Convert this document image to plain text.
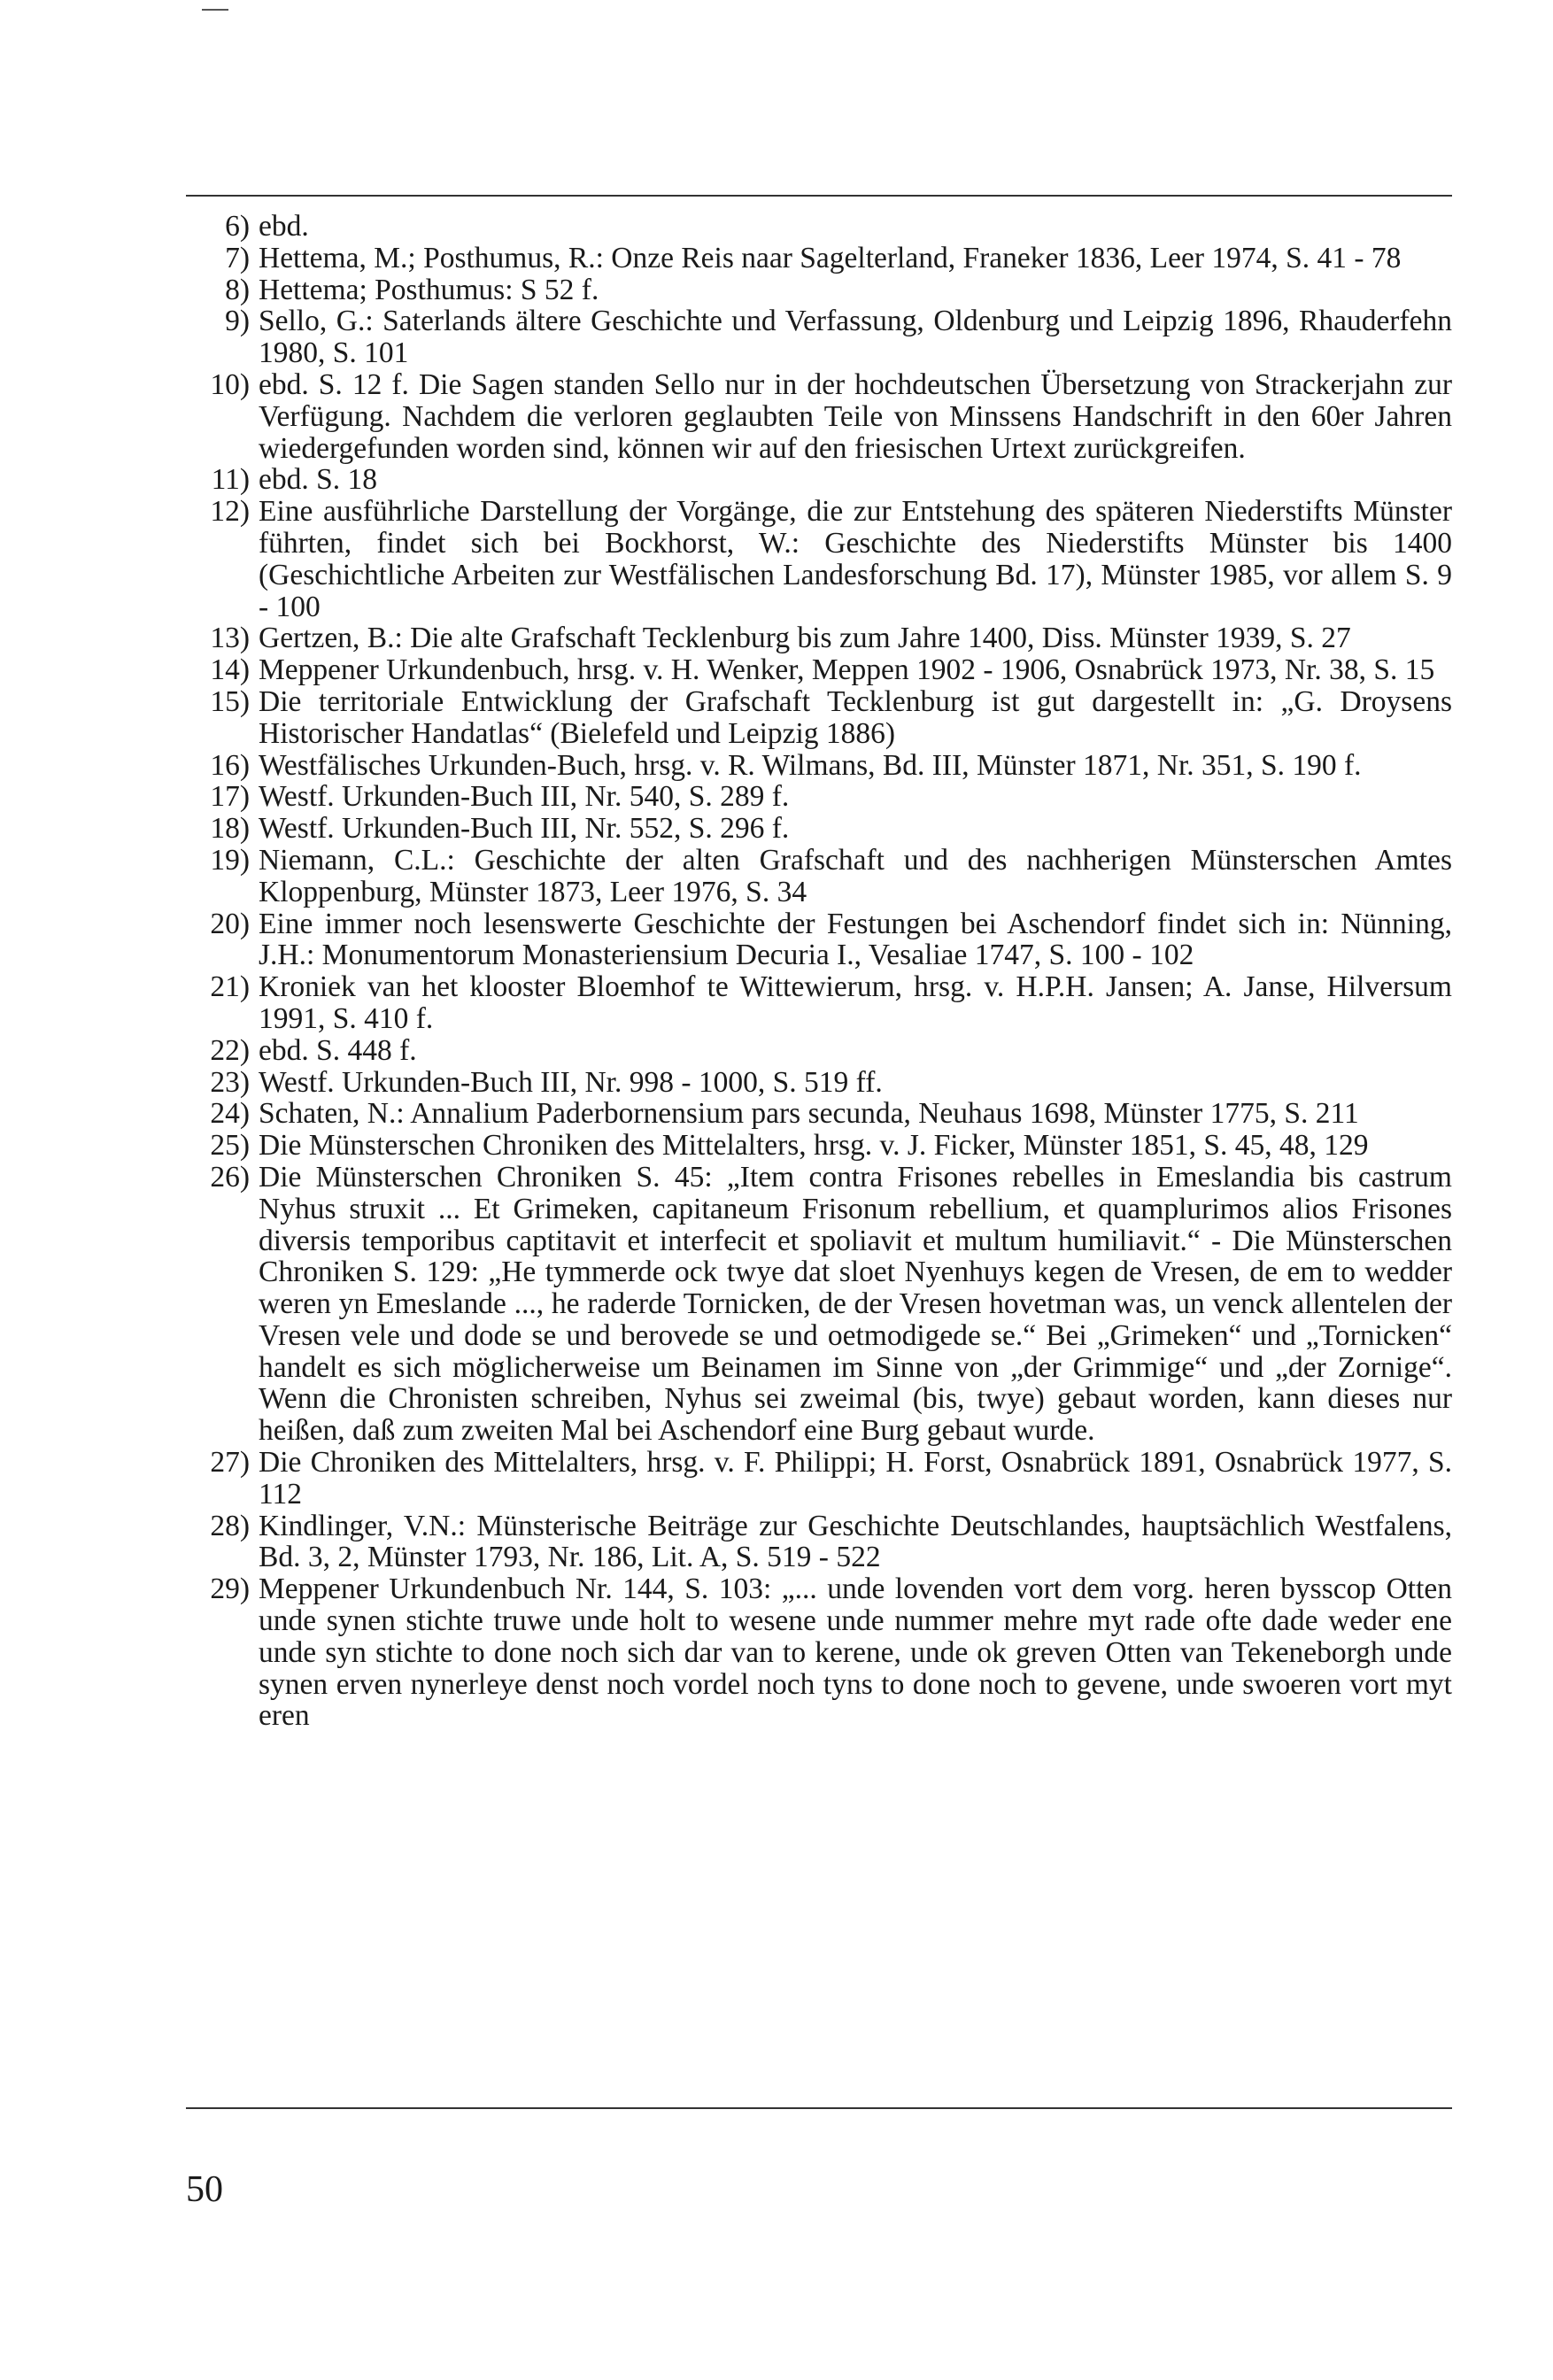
6) ebd.
7) Hettema, M.; Posthumus, R.: Onze Reis naar Sagelterland, Franeker 1836, Leer 1974, S. 41 - 78
8) Hettema; Posthumus: S 52 f.
9) Sello, G.: Saterlands ältere Geschichte und Verfassung, Oldenburg und Leipzig 1896, Rhauderfehn 1980, S. 101
10) ebd. S. 12 f. Die Sagen standen Sello nur in der hochdeutschen Übersetzung von Strackerjahn zur Verfügung. Nachdem die verloren geglaubten Teile von Minssens Handschrift in den 60er Jahren wiedergefunden worden sind, können wir auf den friesischen Urtext zurückgreifen.
11) ebd. S. 18
12) Eine ausführliche Darstellung der Vorgänge, die zur Entstehung des späteren Niederstifts Münster führten, findet sich bei Bockhorst, W.: Geschichte des Niederstifts Münster bis 1400 (Geschichtliche Arbeiten zur Westfälischen Landesforschung Bd. 17), Münster 1985, vor allem S. 9 - 100
13) Gertzen, B.: Die alte Grafschaft Tecklenburg bis zum Jahre 1400, Diss. Münster 1939, S. 27
14) Meppener Urkundenbuch, hrsg. v. H. Wenker, Meppen 1902 - 1906, Osnabrück 1973, Nr. 38, S. 15
15) Die territoriale Entwicklung der Grafschaft Tecklenburg ist gut dargestellt in: „G. Droysens Historischer Handatlas“ (Bielefeld und Leipzig 1886)
16) Westfälisches Urkunden-Buch, hrsg. v. R. Wilmans, Bd. III, Münster 1871, Nr. 351, S. 190 f.
17) Westf. Urkunden-Buch III, Nr. 540, S. 289 f.
18) Westf. Urkunden-Buch III, Nr. 552, S. 296 f.
19) Niemann, C.L.: Geschichte der alten Grafschaft und des nachherigen Münsterschen Amtes Kloppenburg, Münster 1873, Leer 1976, S. 34
20) Eine immer noch lesenswerte Geschichte der Festungen bei Aschendorf findet sich in: Nünning, J.H.: Monumentorum Monasteriensium Decuria I., Vesaliae 1747, S. 100 - 102
21) Kroniek van het klooster Bloemhof te Wittewierum, hrsg. v. H.P.H. Jansen; A. Janse, Hilversum 1991, S. 410 f.
22) ebd. S. 448 f.
23) Westf. Urkunden-Buch III, Nr. 998 - 1000, S. 519 ff.
24) Schaten, N.: Annalium Paderbornensium pars secunda, Neuhaus 1698, Münster 1775, S. 211
25) Die Münsterschen Chroniken des Mittelalters, hrsg. v. J. Ficker, Münster 1851, S. 45, 48, 129
26) Die Münsterschen Chroniken S. 45: „Item contra Frisones rebelles in Emeslandia bis castrum Nyhus struxit ... Et Grimeken, capitaneum Frisonum rebellium, et quamplurimos alios Frisones diversis temporibus captitavit et interfecit et spoliavit et multum humiliavit.“ - Die Münsterschen Chroniken S. 129: „He tymmerde ock twye dat sloet Nyenhuys kegen de Vresen, de em to wedder weren yn Emeslande ..., he raderde Tornicken, de der Vresen hovetman was, un venck allentelen der Vresen vele und dode se und berovede se und oetmodigede se.“ Bei „Grimeken“ und „Tornicken“ handelt es sich möglicherweise um Beinamen im Sinne von „der Grimmige“ und „der Zornige“. Wenn die Chronisten schreiben, Nyhus sei zweimal (bis, twye) gebaut worden, kann dieses nur heißen, daß zum zweiten Mal bei Aschendorf eine Burg gebaut wurde.
27) Die Chroniken des Mittelalters, hrsg. v. F. Philippi; H. Forst, Osnabrück 1891, Osnabrück 1977, S. 112
28) Kindlinger, V.N.: Münsterische Beiträge zur Geschichte Deutschlandes, hauptsächlich Westfalens, Bd. 3, 2, Münster 1793, Nr. 186, Lit. A, S. 519 - 522
29) Meppener Urkundenbuch Nr. 144, S. 103: „... unde lovenden vort dem vorg. heren bysscop Otten unde synen stichte truwe unde holt to wesene unde nummer mehre myt rade ofte dade weder ene unde syn stichte to done noch sich dar van to kerene, unde ok greven Otten van Tekeneborgh unde synen erven nynerleye denst noch vordel noch tyns to done noch to gevene, unde swoeren vort myt eren
50
